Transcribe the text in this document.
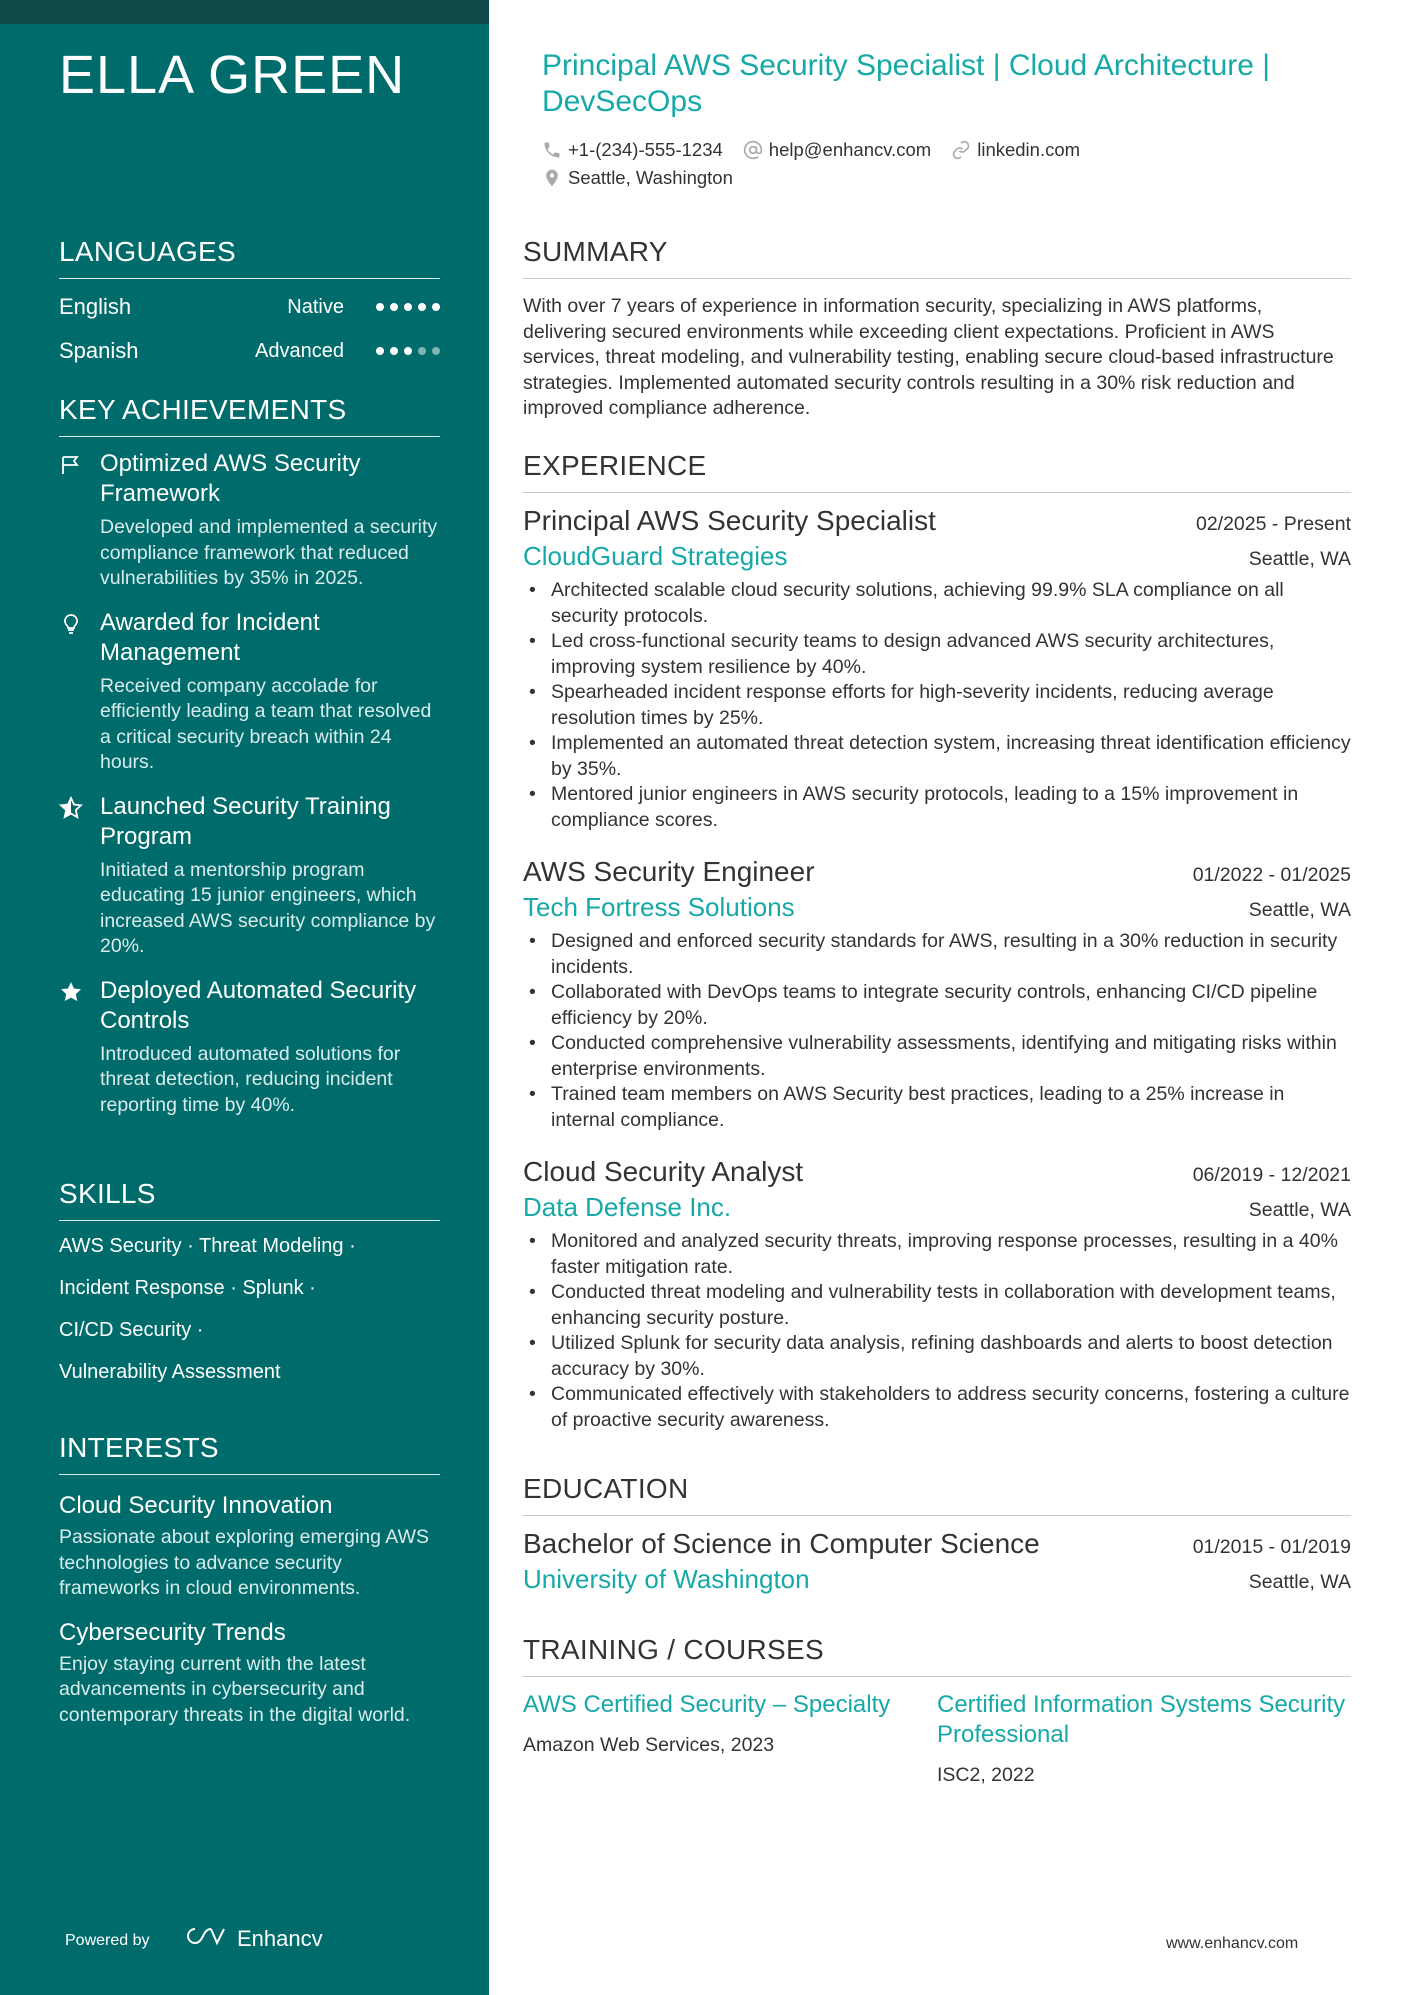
ELLA GREEN
LANGUAGES
English	Native
Spanish	Advanced
KEY ACHIEVEMENTS
Optimized AWS Security Framework
Developed and implemented a security compliance framework that reduced vulnerabilities by 35% in 2025.
Awarded for Incident Management
Received company accolade for efficiently leading a team that resolved a critical security breach within 24 hours.
Launched Security Training Program
Initiated a mentorship program educating 15 junior engineers, which increased AWS security compliance by 20%.
Deployed Automated Security Controls
Introduced automated solutions for threat detection, reducing incident reporting time by 40%.
SKILLS
AWS Security · Threat Modeling ·
Incident Response · Splunk ·
CI/CD Security ·
Vulnerability Assessment
INTERESTS
Cloud Security Innovation
Passionate about exploring emerging AWS technologies to advance security frameworks in cloud environments.
Cybersecurity Trends
Enjoy staying current with the latest advancements in cybersecurity and contemporary threats in the digital world.
Powered by	Enhancv
Principal AWS Security Specialist | Cloud Architecture | DevSecOps
+1-(234)-555-1234 help@enhancv.com linkedin.com
Seattle, Washington
SUMMARY
With over 7 years of experience in information security, specializing in AWS platforms, delivering secured environments while exceeding client expectations. Proficient in AWS services, threat modeling, and vulnerability testing, enabling secure cloud-based infrastructure strategies. Implemented automated security controls resulting in a 30% risk reduction and improved compliance adherence.
EXPERIENCE
Principal AWS Security Specialist	02/2025 - Present
CloudGuard Strategies	Seattle, WA
• Architected scalable cloud security solutions, achieving 99.9% SLA compliance on all security protocols.
• Led cross-functional security teams to design advanced AWS security architectures, improving system resilience by 40%.
• Spearheaded incident response efforts for high-severity incidents, reducing average resolution times by 25%.
• Implemented an automated threat detection system, increasing threat identification efficiency by 35%.
• Mentored junior engineers in AWS security protocols, leading to a 15% improvement in compliance scores.
AWS Security Engineer	01/2022 - 01/2025
Tech Fortress Solutions	Seattle, WA
• Designed and enforced security standards for AWS, resulting in a 30% reduction in security incidents.
• Collaborated with DevOps teams to integrate security controls, enhancing CI/CD pipeline efficiency by 20%.
• Conducted comprehensive vulnerability assessments, identifying and mitigating risks within enterprise environments.
• Trained team members on AWS Security best practices, leading to a 25% increase in internal compliance.
Cloud Security Analyst	06/2019 - 12/2021
Data Defense Inc.	Seattle, WA
• Monitored and analyzed security threats, improving response processes, resulting in a 40% faster mitigation rate.
• Conducted threat modeling and vulnerability tests in collaboration with development teams, enhancing security posture.
• Utilized Splunk for security data analysis, refining dashboards and alerts to boost detection accuracy by 30%.
• Communicated effectively with stakeholders to address security concerns, fostering a culture of proactive security awareness.
EDUCATION
Bachelor of Science in Computer Science	01/2015 - 01/2019
University of Washington	Seattle, WA
TRAINING / COURSES
AWS Certified Security – Specialty
Amazon Web Services, 2023
Certified Information Systems Security Professional
ISC2, 2022
www.enhancv.com
